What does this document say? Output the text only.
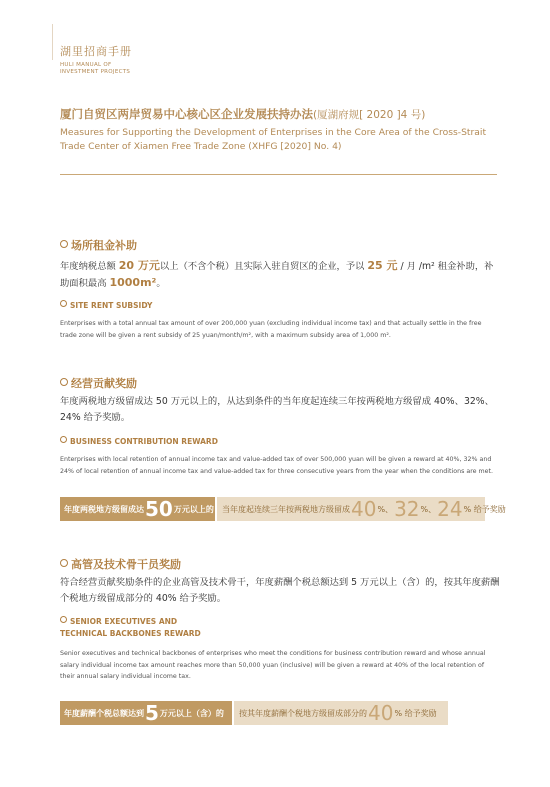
湖里招商手册
HULI MANUAL OF
INVESTMENT PROJECTS
厦门自贸区两岸贸易中心核心区企业发展扶持办法(厦湖府规[ 2020 ]4 号)
Measures for Supporting the Development of Enterprises in the Core Area of the Cross-Strait Trade Center of Xiamen Free Trade Zone (XHFG [2020] No. 4)
场所租金补助
年度纳税总额 20 万元以上（不含个税）且实际入驻自贸区的企业，予以 25 元 / 月 /m² 租金补助，补助面积最高 1000m²。
SITE RENT SUBSIDY
Enterprises with a total annual tax amount of over 200,000 yuan (excluding individual income tax) and that actually settle in the free trade zone will be given a rent subsidy of 25 yuan/month/m², with a maximum subsidy area of 1,000 m².
经营贡献奖励
年度两税地方级留成达 50 万元以上的，从达到条件的当年度起连续三年按两税地方级留成 40%、32%、24% 给予奖励。
BUSINESS CONTRIBUTION REWARD
Enterprises with local retention of annual income tax and value-added tax of over 500,000 yuan will be given a reward at 40%, 32% and 24% of local retention of annual income tax and value-added tax for three consecutive years from the year when the conditions are met.
年度两税地方级留成达 50 万元以上的 当年度起连续三年按两税地方级留成 40 %、 32 %、 24 % 给予奖励
高管及技术骨干员奖励
符合经营贡献奖励条件的企业高管及技术骨干，年度薪酬个税总额达到 5 万元以上（含）的，按其年度薪酬个税地方级留成部分的 40% 给予奖励。
SENIOR EXECUTIVES AND
TECHNICAL BACKBONES REWARD
Senior executives and technical backbones of enterprises who meet the conditions for business contribution reward and whose annual salary individual income tax amount reaches more than 50,000 yuan (inclusive) will be given a reward at 40% of the local retention of their annual salary individual income tax.
年度薪酬个税总额达到 5 万元以上（含）的 按其年度薪酬个税地方级留成部分的 40 % 给予奖励
